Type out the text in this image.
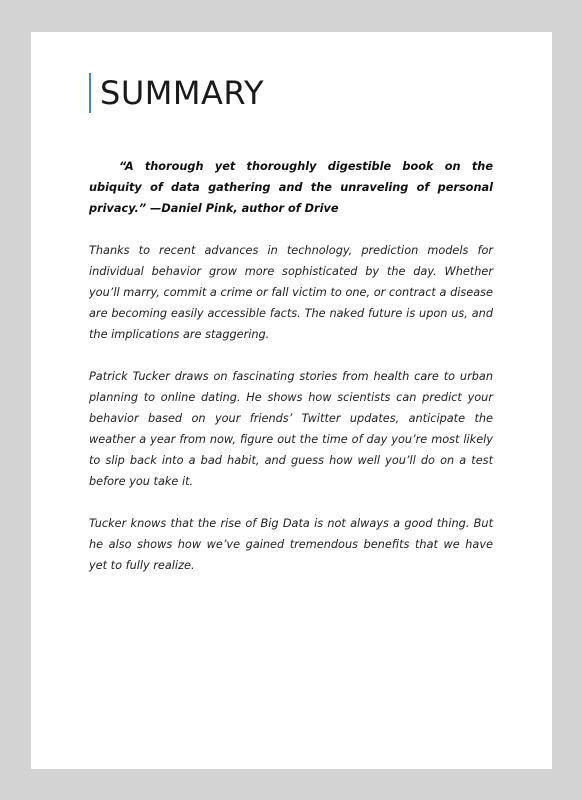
SUMMARY

“A thorough yet thoroughly digestible book on the ubiquity of data gathering and the unraveling of personal privacy.” —Daniel Pink, author of Drive

Thanks to recent advances in technology, prediction models for individual behavior grow more sophisticated by the day. Whether you’ll marry, commit a crime or fall victim to one, or contract a disease are becoming easily accessible facts. The naked future is upon us, and the implications are staggering.

Patrick Tucker draws on fascinating stories from health care to urban planning to online dating. He shows how scientists can predict your behavior based on your friends’ Twitter updates, anticipate the weather a year from now, figure out the time of day you’re most likely to slip back into a bad habit, and guess how well you’ll do on a test before you take it.

Tucker knows that the rise of Big Data is not always a good thing. But he also shows how we’ve gained tremendous benefits that we have yet to fully realize.
